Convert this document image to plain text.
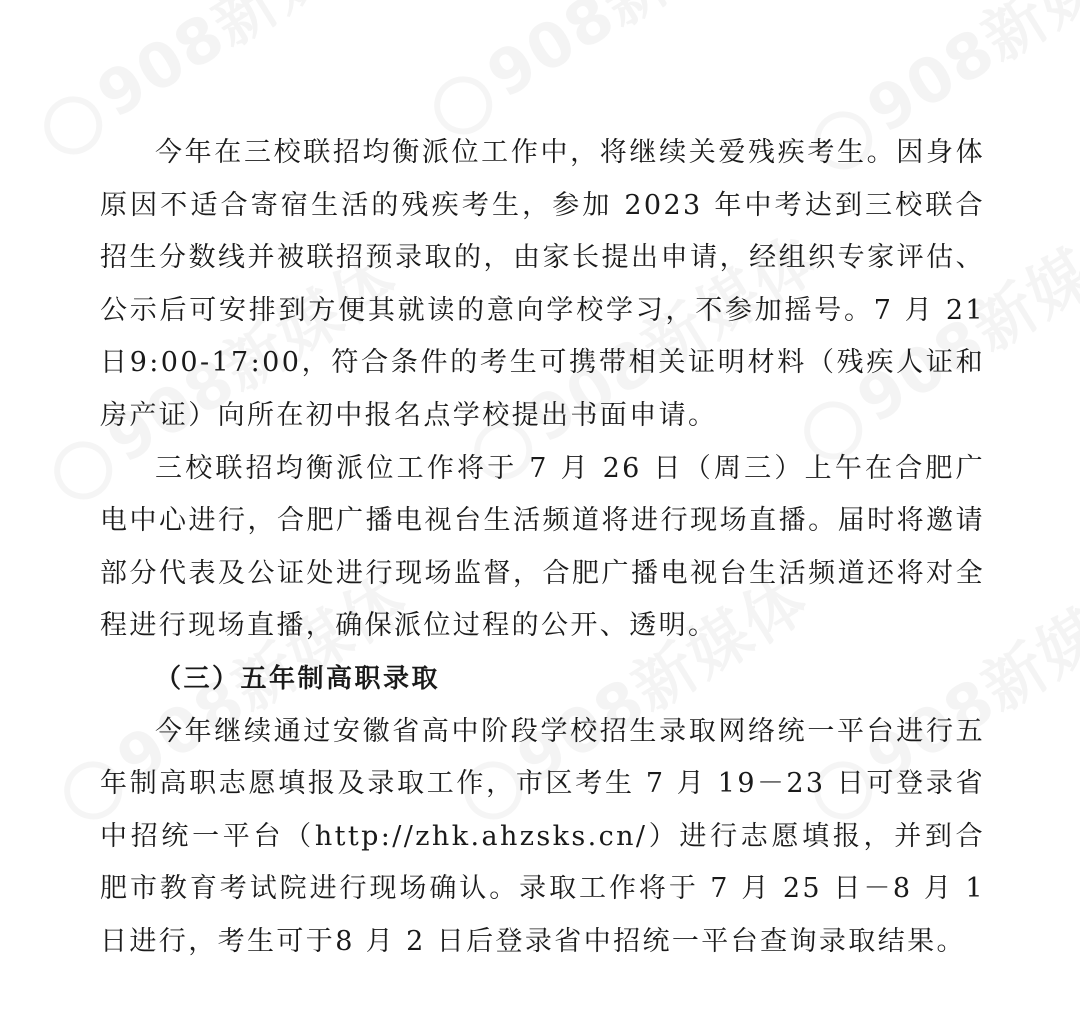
今年在三校联招均衡派位工作中，将继续关爱残疾考生。因身体原因不适合寄宿生活的残疾考生，参加 2023 年中考达到三校联合招生分数线并被联招预录取的，由家长提出申请，经组织专家评估、公示后可安排到方便其就读的意向学校学习，不参加摇号。7 月 21 日9:00-17:00，符合条件的考生可携带相关证明材料（残疾人证和房产证）向所在初中报名点学校提出书面申请。

三校联招均衡派位工作将于 7 月 26 日（周三）上午在合肥广电中心进行，合肥广播电视台生活频道将进行现场直播。届时将邀请部分代表及公证处进行现场监督，合肥广播电视台生活频道还将对全程进行现场直播，确保派位过程的公开、透明。

（三）五年制高职录取

今年继续通过安徽省高中阶段学校招生录取网络统一平台进行五年制高职志愿填报及录取工作，市区考生 7 月 19－23 日可登录省中招统一平台（http://zhk.ahzsks.cn/）进行志愿填报，并到合肥市教育考试院进行现场确认。录取工作将于 7 月 25 日－8 月 1 日进行，考生可于8 月 2 日后登录省中招统一平台查询录取结果。
